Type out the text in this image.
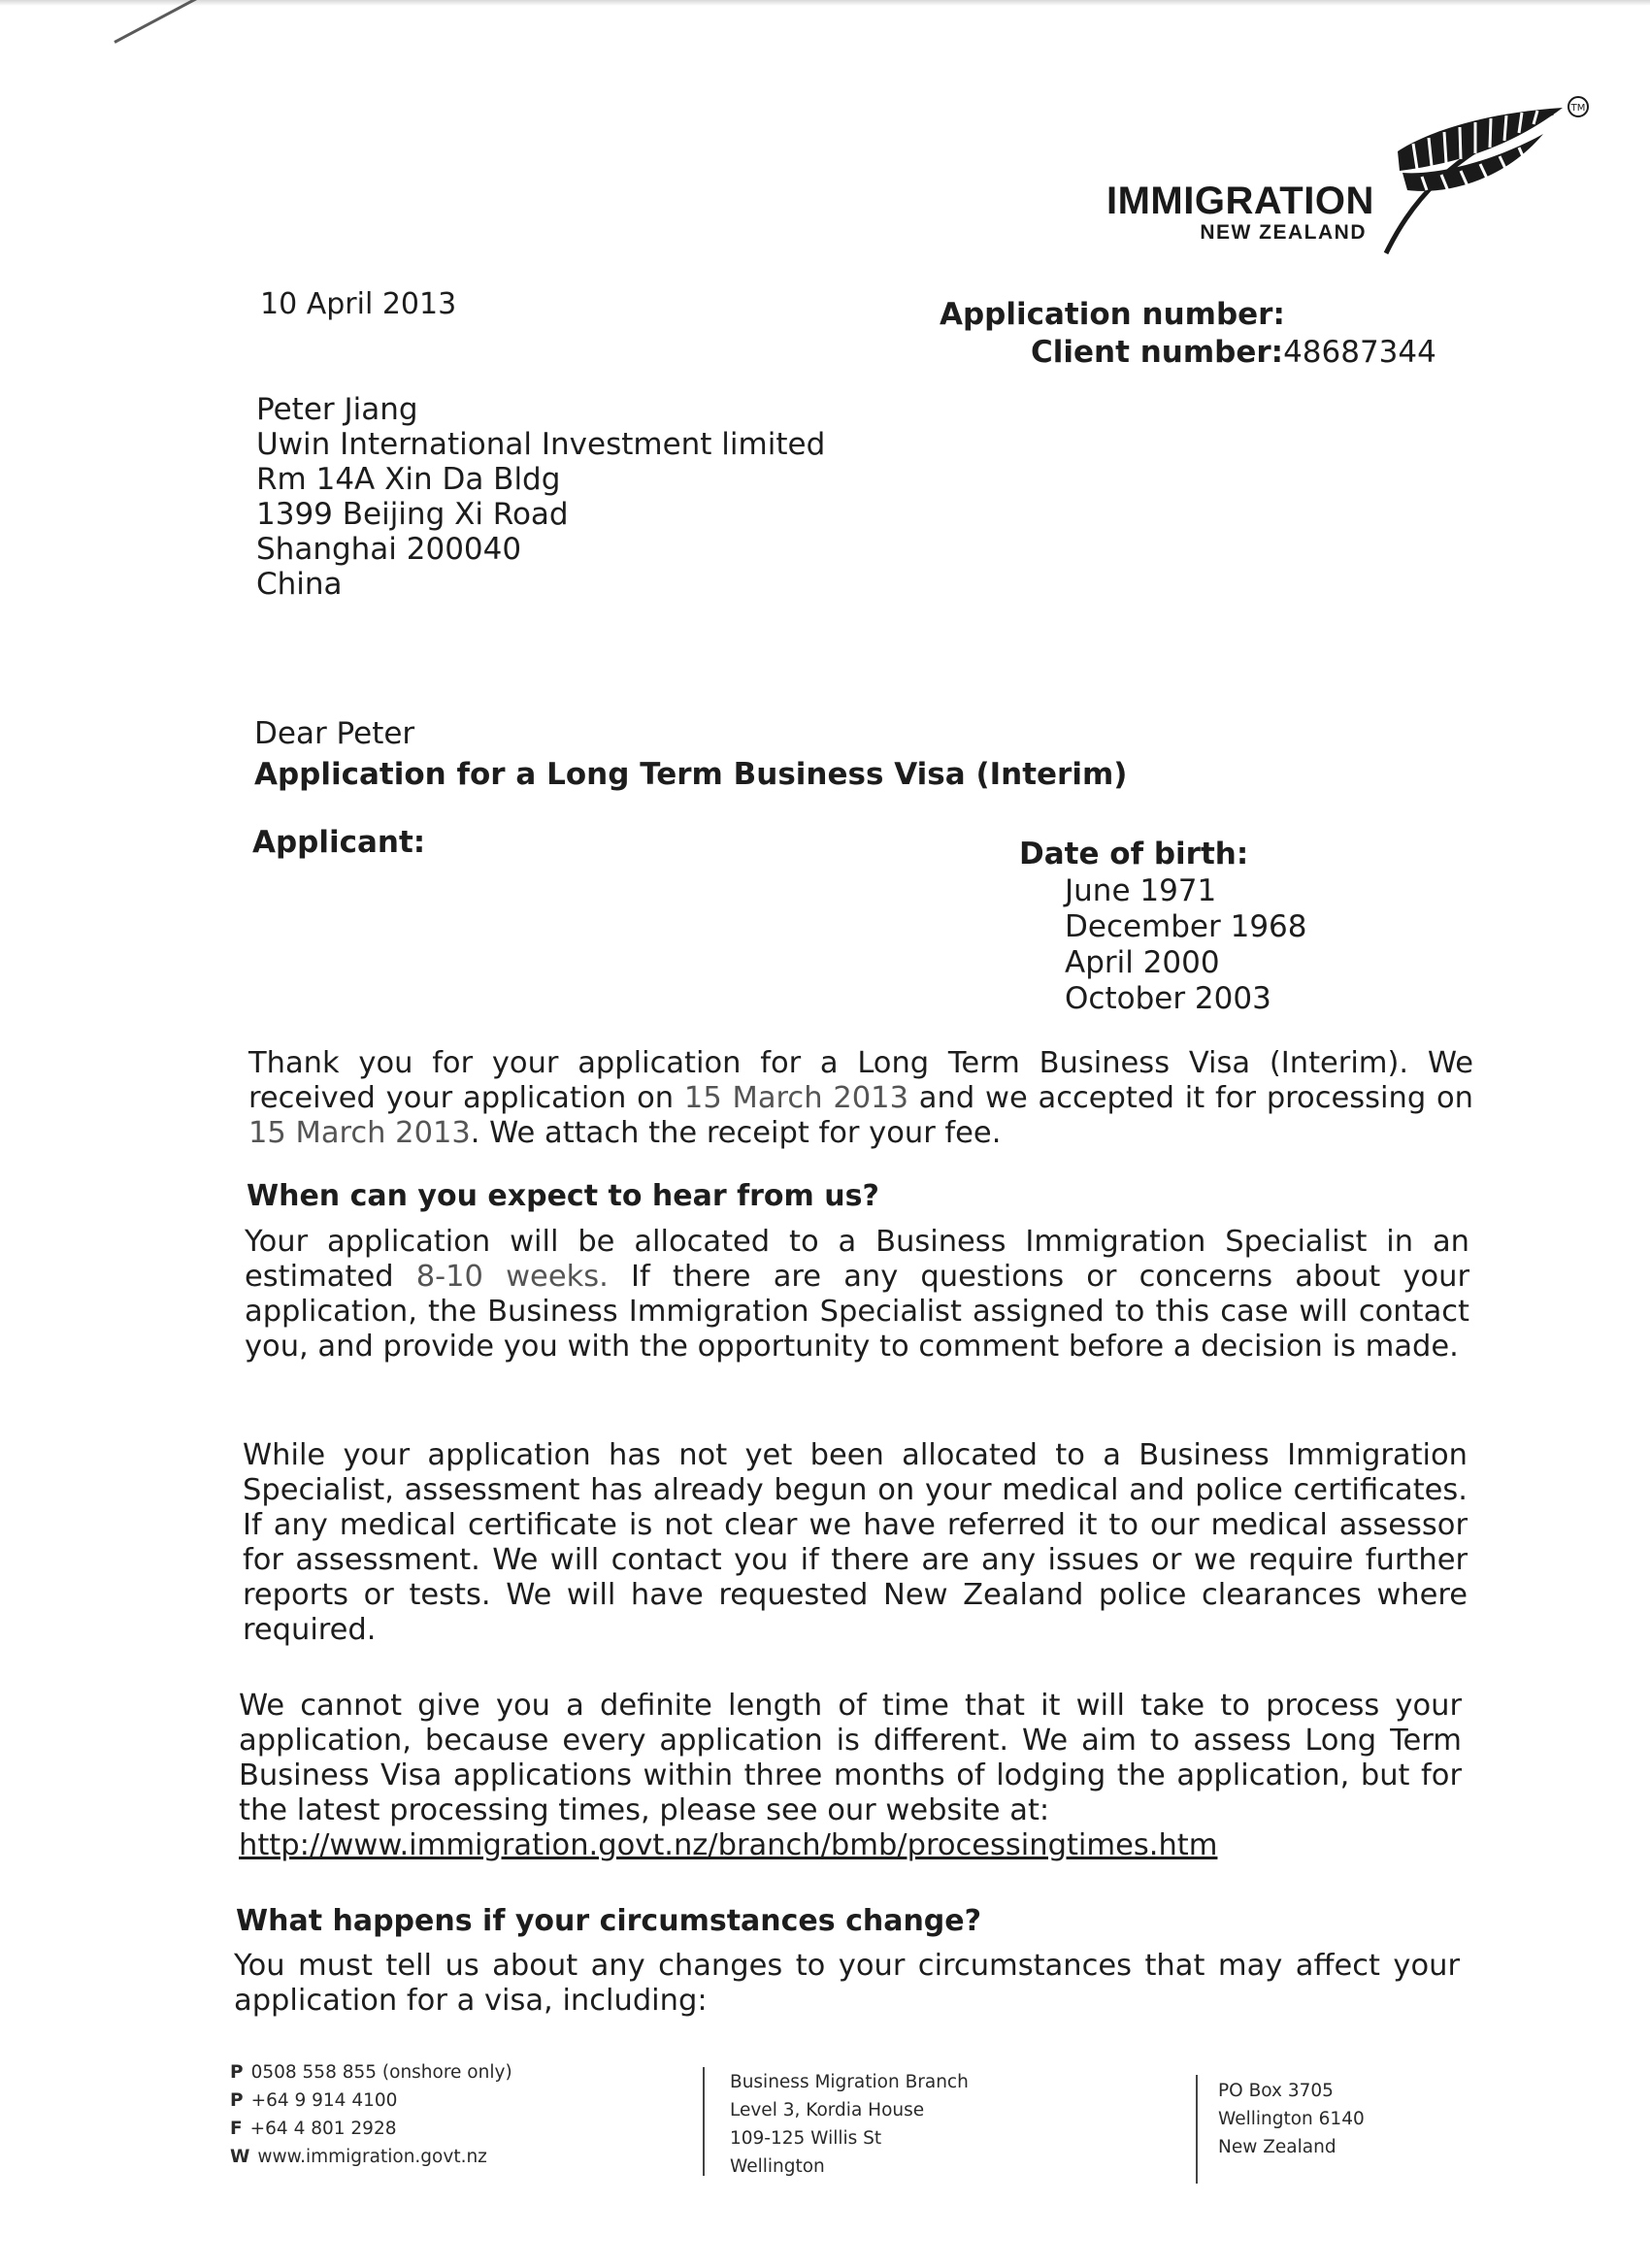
IMMIGRATION
NEW ZEALAND
TM
10 April 2013	Application number:
Client number:48687344
Peter Jiang
Uwin International Investment limited
Rm 14A Xin Da Bldg
1399 Beijing Xi Road
Shanghai 200040
China
Dear Peter
Application for a Long Term Business Visa (Interim)
Applicant:	Date of birth:
June 1971
December 1968
April 2000
October 2003
Thank you for your application for a Long Term Business Visa (Interim). We received your application on 15 March 2013 and we accepted it for processing on 15 March 2013. We attach the receipt for your fee.
When can you expect to hear from us?
Your application will be allocated to a Business Immigration Specialist in an estimated 8-10 weeks. If there are any questions or concerns about your application, the Business Immigration Specialist assigned to this case will contact you, and provide you with the opportunity to comment before a decision is made.
While your application has not yet been allocated to a Business Immigration Specialist, assessment has already begun on your medical and police certificates. If any medical certificate is not clear we have referred it to our medical assessor for assessment. We will contact you if there are any issues or we require further reports or tests. We will have requested New Zealand police clearances where required.
We cannot give you a definite length of time that it will take to process your application, because every application is different. We aim to assess Long Term Business Visa applications within three months of lodging the application, but for the latest processing times, please see our website at:
http://www.immigration.govt.nz/branch/bmb/processingtimes.htm
What happens if your circumstances change?
You must tell us about any changes to your circumstances that may affect your application for a visa, including:
P 0508 558 855 (onshore only)
P +64 9 914 4100
F +64 4 801 2928
W www.immigration.govt.nz
Business Migration Branch
Level 3, Kordia House
109-125 Willis St
Wellington
PO Box 3705
Wellington 6140
New Zealand
